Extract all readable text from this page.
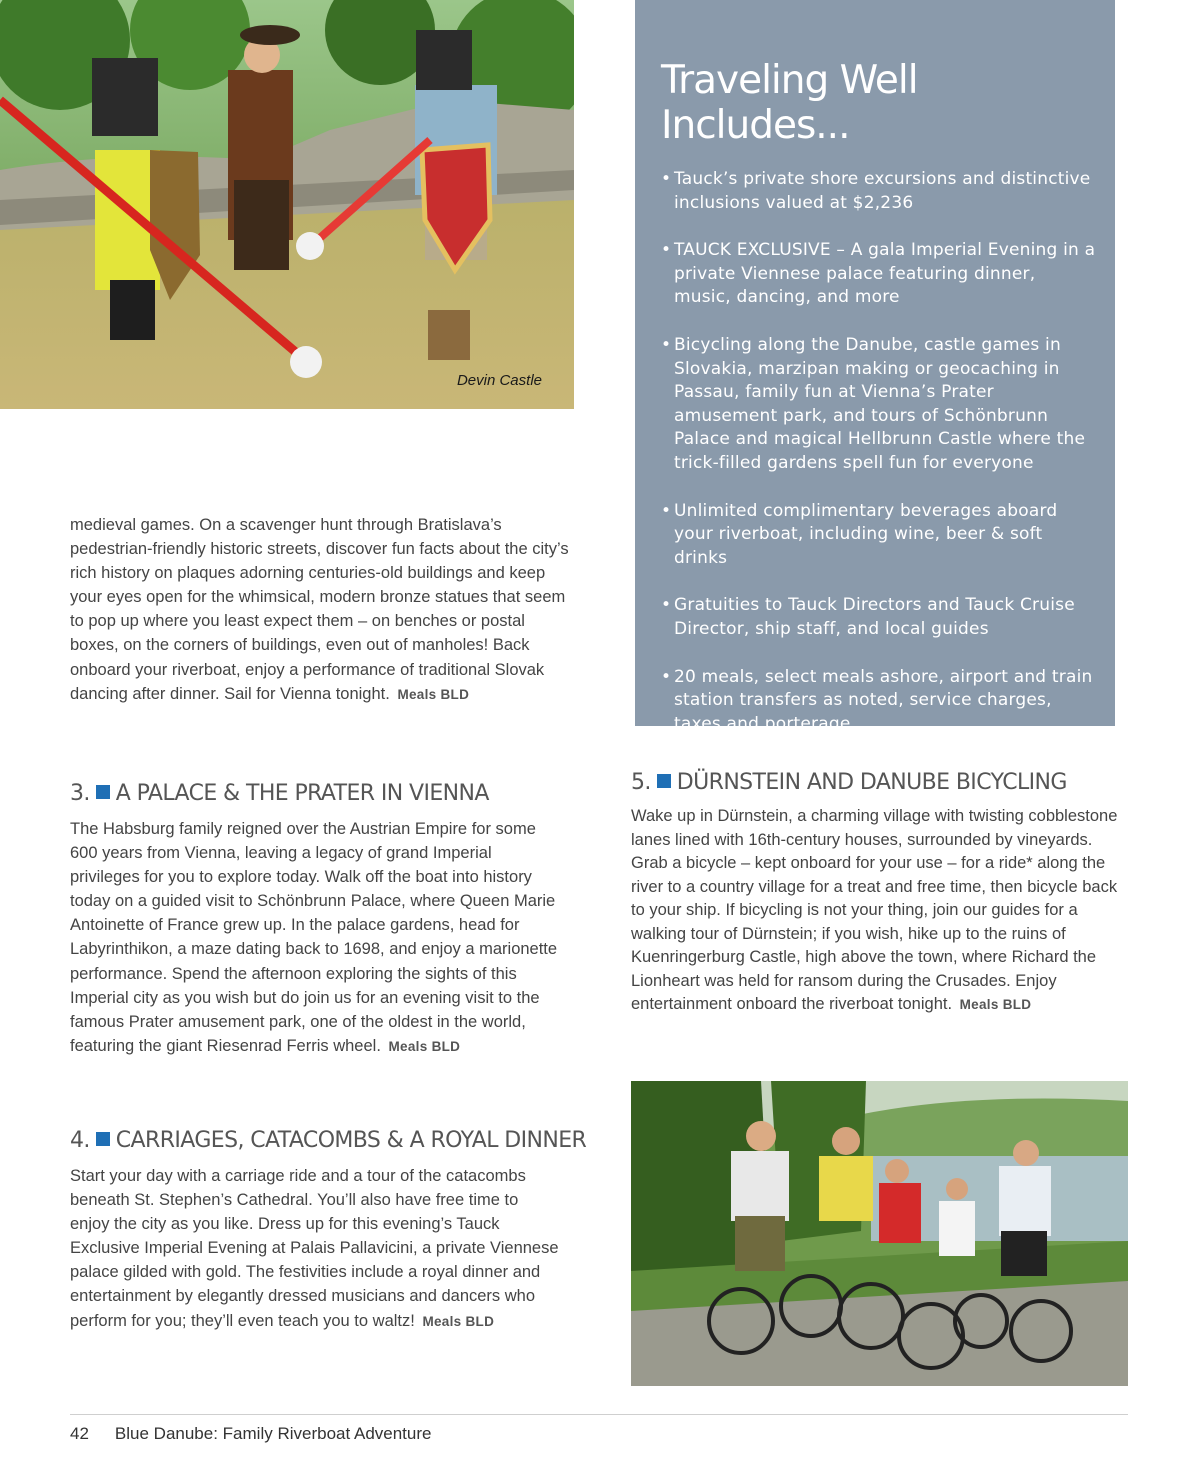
Devin Castle
Traveling Well Includes...
• Tauck’s private shore excursions and distinctive inclusions valued at $2,236
• TAUCK EXCLUSIVE – A gala Imperial Evening in a private Viennese palace featuring dinner, music, dancing, and more
• Bicycling along the Danube, castle games in Slovakia, marzipan making or geocaching in Passau, family fun at Vienna’s Prater amusement park, and tours of Schönbrunn Palace and magical Hellbrunn Castle where the trick-filled gardens spell fun for everyone
• Unlimited complimentary beverages aboard your riverboat, including wine, beer & soft drinks
• Gratuities to Tauck Directors and Tauck Cruise Director, ship staff, and local guides
• 20 meals, select meals ashore, airport and train station transfers as noted, service charges, taxes and porterage

medieval games. On a scavenger hunt through Bratislava’s pedestrian-friendly historic streets, discover fun facts about the city’s rich history on plaques adorning centuries-old buildings and keep your eyes open for the whimsical, modern bronze statues that seem to pop up where you least expect them – on benches or postal boxes, on the corners of buildings, even out of manholes! Back onboard your riverboat, enjoy a performance of traditional Slovak dancing after dinner. Sail for Vienna tonight. Meals BLD

3. A PALACE & THE PRATER IN VIENNA

The Habsburg family reigned over the Austrian Empire for some 600 years from Vienna, leaving a legacy of grand Imperial privileges for you to explore today. Walk off the boat into history today on a guided visit to Schönbrunn Palace, where Queen Marie Antoinette of France grew up. In the palace gardens, head for Labyrinthikon, a maze dating back to 1698, and enjoy a marionette performance. Spend the afternoon exploring the sights of this Imperial city as you wish but do join us for an evening visit to the famous Prater amusement park, one of the oldest in the world, featuring the giant Riesenrad Ferris wheel. Meals BLD

4. CARRIAGES, CATACOMBS & A ROYAL DINNER

Start your day with a carriage ride and a tour of the catacombs beneath St. Stephen’s Cathedral. You’ll also have free time to enjoy the city as you like. Dress up for this evening’s Tauck Exclusive Imperial Evening at Palais Pallavicini, a private Viennese palace gilded with gold. The festivities include a royal dinner and entertainment by elegantly dressed musicians and dancers who perform for you; they’ll even teach you to waltz! Meals BLD

5. DÜRNSTEIN AND DANUBE BICYCLING

Wake up in Dürnstein, a charming village with twisting cobblestone lanes lined with 16th-century houses, surrounded by vineyards. Grab a bicycle – kept onboard for your use – for a ride* along the river to a country village for a treat and free time, then bicycle back to your ship. If bicycling is not your thing, join our guides for a walking tour of Dürnstein; if you wish, hike up to the ruins of Kuenringerburg Castle, high above the town, where Richard the Lionheart was held for ransom during the Crusades. Enjoy entertainment onboard the riverboat tonight. Meals BLD

42 Blue Danube: Family Riverboat Adventure
